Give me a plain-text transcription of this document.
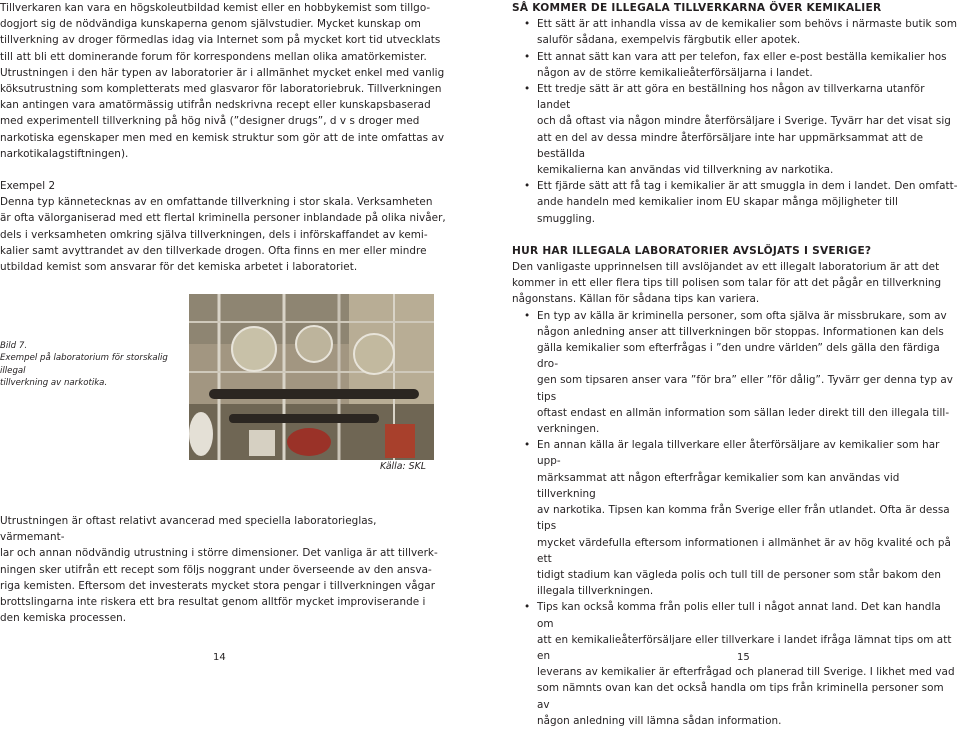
Tillverkaren kan vara en högskoleutbildad kemist eller en hobbykemist som tillgo-

dogjort sig de nödvändiga kunskaperna genom självstudier. Mycket kunskap om

tillverkning av droger förmedlas idag via Internet som på mycket kort tid utvecklats

till att bli ett dominerande forum för korrespondens mellan olika amatörkemister.

Utrustningen i den här typen av laboratorier är i allmänhet mycket enkel med vanlig

köksutrustning som kompletterats med glasvaror för laboratoriebruk. Tillverkningen

kan antingen vara amatörmässig utifrån nedskrivna recept eller kunskapsbaserad

med experimentell tillverkning på hög nivå (”designer drugs”, d v s droger med

narkotiska egenskaper men med en kemisk struktur som gör att de inte omfattas av

narkotikalagstiftningen).

Exempel 2

Denna typ kännetecknas av en omfattande tillverkning i stor skala. Verksamheten

är ofta välorganiserad med ett flertal kriminella personer inblandade på olika nivåer,

dels i verksamheten omkring själva tillverkningen, dels i införskaffandet av kemi-

kalier samt avyttrandet av den tillverkade drogen. Ofta finns en mer eller mindre

utbildad kemist som ansvarar för det kemiska arbetet i laboratoriet.

Bild 7.

Exempel på laboratorium för storskalig illegal

tillverkning av narkotika.

Källa: SKL

Utrustningen är oftast relativt avancerad med speciella laboratorieglas, värmemant-

lar och annan nödvändig utrustning i större dimensioner. Det vanliga är att tillverk-

ningen sker utifrån ett recept som följs noggrant under överseende av den ansva-

riga kemisten. Eftersom det investerats mycket stora pengar i tillverkningen vågar

brottslingarna inte riskera ett bra resultat genom alltför mycket improviserande i

den kemiska processen.

14

SÅ KOMMER DE ILLEGALA TILLVERKARNA ÖVER KEMIKALIER

• Ett sätt är att inhandla vissa av de kemikalier som behövs i närmaste butik som
saluför sådana, exempelvis färgbutik eller apotek.
• Ett annat sätt kan vara att per telefon, fax eller e-post beställa kemikalier hos
någon av de större kemikalieåterförsäljarna i landet.
• Ett tredje sätt är att göra en beställning hos någon av tillverkarna utanför landet
och då oftast via någon mindre återförsäljare i Sverige. Tyvärr har det visat sig
att en del av dessa mindre återförsäljare inte har uppmärksammat att de beställda
kemikalierna kan användas vid tillverkning av narkotika.
• Ett fjärde sätt att få tag i kemikalier är att smuggla in dem i landet. Den omfatt-
ande handeln med kemikalier inom EU skapar många möjligheter till smuggling.

HUR HAR ILLEGALA LABORATORIER AVSLÖJATS I SVERIGE?

Den vanligaste upprinnelsen till avslöjandet av ett illegalt laboratorium är att det

kommer in ett eller flera tips till polisen som talar för att det pågår en tillverkning

någonstans. Källan för sådana tips kan variera.

• En typ av källa är kriminella personer, som ofta själva är missbrukare, som av
någon anledning anser att tillverkningen bör stoppas. Informationen kan dels
gälla kemikalier som efterfrågas i ”den undre världen” dels gälla den färdiga dro-
gen som tipsaren anser vara ”för bra” eller ”för dålig”. Tyvärr ger denna typ av tips
oftast endast en allmän information som sällan leder direkt till den illegala till-
verkningen.
• En annan källa är legala tillverkare eller återförsäljare av kemikalier som har upp-
märksammat att någon efterfrågar kemikalier som kan användas vid tillverkning
av narkotika. Tipsen kan komma från Sverige eller från utlandet. Ofta är dessa tips
mycket värdefulla eftersom informationen i allmänhet är av hög kvalité och på ett
tidigt stadium kan vägleda polis och tull till de personer som står bakom den
illegala tillverkningen.
• Tips kan också komma från polis eller tull i något annat land. Det kan handla om
att en kemikalieåterförsäljare eller tillverkare i landet ifråga lämnat tips om att en
leverans av kemikalier är efterfrågad och planerad till Sverige. I likhet med vad
som nämnts ovan kan det också handla om tips från kriminella personer som av
någon anledning vill lämna sådan information.
15
